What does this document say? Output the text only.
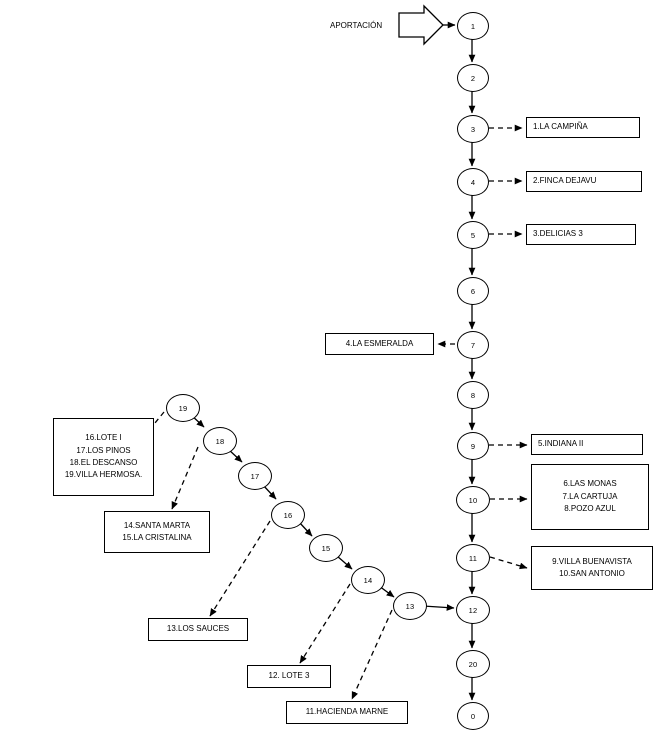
APORTACIÓN	1
2
3
4
5
6
7
8
9
10
11
12
20
0
13
14
15
16
17
18
19
1.LA CAMPIÑA
2.FINCA DEJAVU
3.DELICIAS 3
4.LA ESMERALDA
5.INDIANA II
6.LAS MONAS
7.LA CARTUJA
8.POZO AZUL
9.VILLA BUENAVISTA
10.SAN ANTONIO
16.LOTE I
17.LOS PINOS
18.EL DESCANSO
19.VILLA HERMOSA.
14.SANTA MARTA
15.LA CRISTALINA
13.LOS SAUCES
12. LOTE 3
11.HACIENDA MARNE
